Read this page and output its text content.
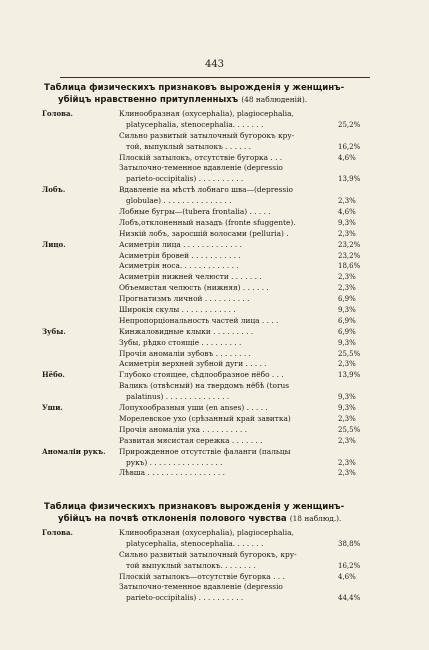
443
Таблица физическихъ признаковъ вырожденія у женщинъ-
убійцъ нравственно притупленныхъ (48 наблюденій).
Голова.	Клинообразная (oxycephalia), plagiocephalia,
platycephalia, stenocephalia. . . . . . .	25,2%
Сильно развитый затылочный бугорокъ кру-
той, выпуклый затылокъ . . . . . .	16,2%
Плоскій затылокъ, отсутствіе бугорка . . .	4,6%
Затылочно-теменное вдавленіе (depressio
parieto-occipitalis) . . . . . . . . . .	13,9%
Лобъ.	Вдавленіе на мѣстѣ лобнаго шва—(depressio
globulae) . . . . . . . . . . . . . . .	2,3%
Лобные бугры—(tubera frontalia) . . . . .	4,6%
Лобъ,отклоненный назадъ (fronte sfuggente).	9,3%
Низкій лобъ, заросшій волосами (pelluria) .	2,3%
Лицо.	Асиметрія лица . . . . . . . . . . . . .	23,2%
Асиметрія бровей . . . . . . . . . . .	23,2%
Асиметрія носа. . . . . . . . . . . . .	18,6%
Асиметрія нижней челюсти . . . . . . .	2,3%
Объемистая челюсть (нижняя) . . . . . .	2,3%
Прогнатизмъ личной . . . . . . . . . .	6,9%
Широкія скулы . . . . . . . . . . . .	9,3%
Непропорціональность частей лица . . . .	6,9%
Зубы.	Кинжаловидные клыки . . . . . . . . .	6,9%
Зубы, рѣдко стоящіе . . . . . . . . .	9,3%
Прочія аномаліи зубовъ . . . . . . . .	25,5%
Асиметрія верхней зубной дуги . . . . .	2,3%
Нёбо.	Глубоко стоящее, сѣдлообразное нёбо . . .	13,9%
Валикъ (отвѣсный) на твердомъ нёбѣ (torus
palatinus) . . . . . . . . . . . . . .	9,3%
Уши.	Лопухообразныя уши (en anses) . . . . .	9,3%
Морелевское ухо (срѣзанный край завитка)	2,3%
Прочія аномаліи уха . . . . . . . . . .	25,5%
Развитая мясистая сережка . . . . . . .	2,3%
Аномаліи рукъ.	Прирожденное отсутствіе фаланги (пальцы
рукъ) . . . . . . . . . . . . . . . .	2,3%
Лѣвша . . . . . . . . . . . . . . . . .	2,3%
Таблица физическихъ признаковъ вырожденія у женщинъ-
убійцъ на почвѣ отклоненія полового чувства (18 наблюд.).
Голова.	Клинообразная (oxycephalia), plagiocephalia,
platycephalia, stenocephalia. . . . . . .	38,8%
Сильно развитый затылочный бугорокъ, кру-
той выпуклый затылокъ. . . . . . . .	16,2%
Плоскій затылокъ—отсутствіе бугорка . . .	4,6%
Затылочно-теменное вдавленіе (depressio
parieto-occipitalis) . . . . . . . . . .	44,4%
